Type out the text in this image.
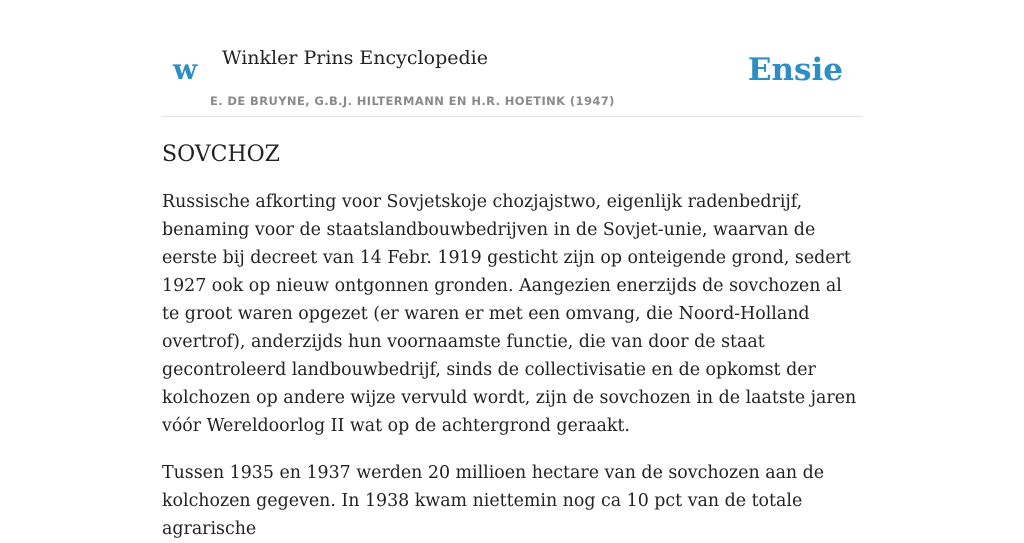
w Winkler Prins Encyclopedie
E. DE BRUYNE, G.B.J. HILTERMANN EN H.R. HOETINK (1947)
Ensie
SOVCHOZ

Russische afkorting voor Sovjetskoje chozjajstwo, eigenlijk radenbedrijf, benaming voor de staatslandbouwbedrijven in de Sovjet-unie, waarvan de eerste bij decreet van 14 Febr. 1919 gesticht zijn op onteigende grond, sedert 1927 ook op nieuw ontgonnen gronden. Aangezien enerzijds de sovchozen al te groot waren opgezet (er waren er met een omvang, die Noord-Holland overtrof), anderzijds hun voornaamste functie, die van door de staat gecontroleerd landbouwbedrijf, sinds de collectivisatie en de opkomst der kolchozen op andere wijze vervuld wordt, zijn de sovchozen in de laatste jaren vóór Wereldoorlog II wat op de achtergrond geraakt.

Tussen 1935 en 1937 werden 20 millioen hectare van de sovchozen aan de kolchozen gegeven. In 1938 kwam niettemin nog ca 10 pct van de totale agrarische
